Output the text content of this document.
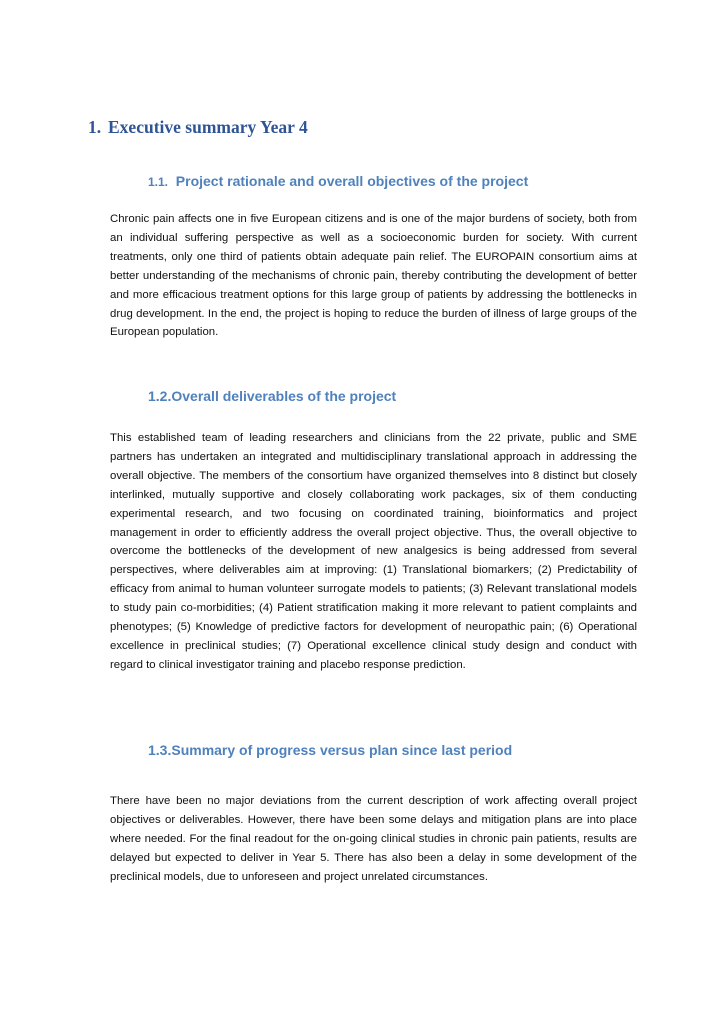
1. Executive summary Year 4
1.1. Project rationale and overall objectives of the project
Chronic pain affects one in five European citizens and is one of the major burdens of society, both from an individual suffering perspective as well as a socioeconomic burden for society. With current treatments, only one third of patients obtain adequate pain relief. The EUROPAIN consortium aims at better understanding of the mechanisms of chronic pain, thereby contributing the development of better and more efficacious treatment options for this large group of patients by addressing the bottlenecks in drug development. In the end, the project is hoping to reduce the burden of illness of large groups of the European population.
1.2.Overall deliverables of the project
This established team of leading researchers and clinicians from the 22 private, public and SME partners has undertaken an integrated and multidisciplinary translational approach in addressing the overall objective. The members of the consortium have organized themselves into 8 distinct but closely interlinked, mutually supportive and closely collaborating work packages, six of them conducting experimental research, and two focusing on coordinated training, bioinformatics and project management in order to efficiently address the overall project objective. Thus, the overall objective to overcome the bottlenecks of the development of new analgesics is being addressed from several perspectives, where deliverables aim at improving: (1) Translational biomarkers; (2) Predictability of efficacy from animal to human volunteer surrogate models to patients; (3) Relevant translational models to study pain co-morbidities; (4) Patient stratification making it more relevant to patient complaints and phenotypes; (5) Knowledge of predictive factors for development of neuropathic pain; (6) Operational excellence in preclinical studies; (7) Operational excellence clinical study design and conduct with regard to clinical investigator training and placebo response prediction.
1.3.Summary of progress versus plan since last period
There have been no major deviations from the current description of work affecting overall project objectives or deliverables. However, there have been some delays and mitigation plans are into place where needed. For the final readout for the on-going clinical studies in chronic pain patients, results are delayed but expected to deliver in Year 5. There has also been a delay in some development of the preclinical models, due to unforeseen and project unrelated circumstances.
